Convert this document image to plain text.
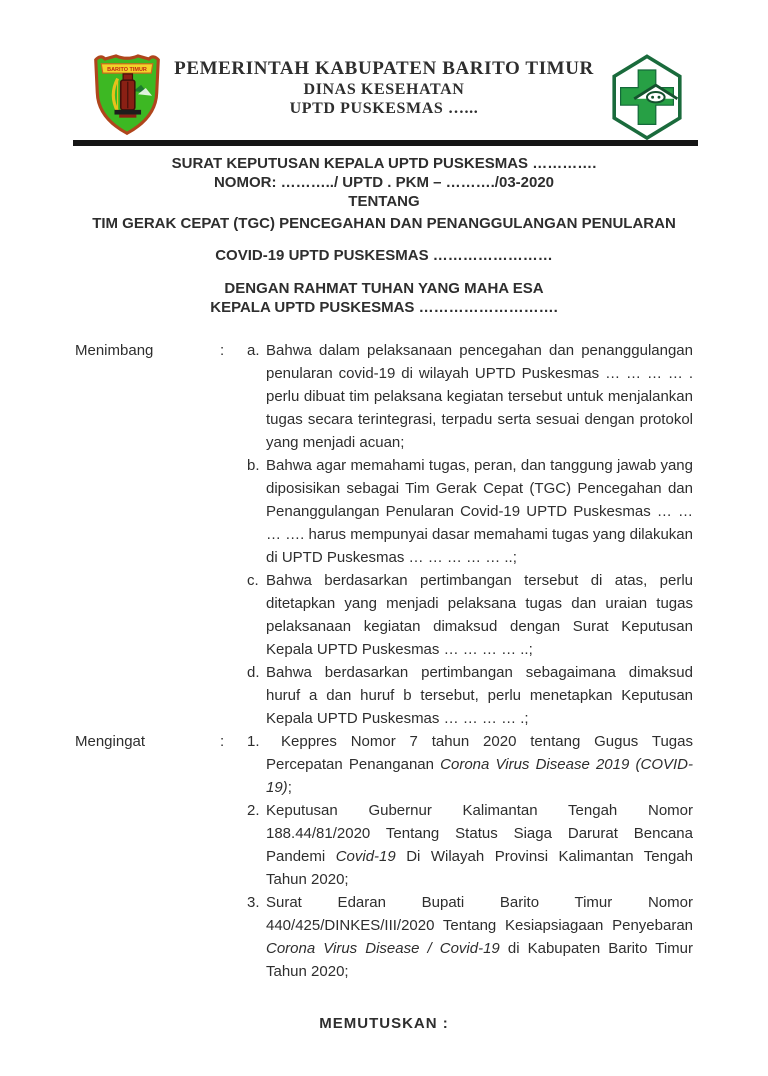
BARITO TIMUR	PEMERINTAH KABUPATEN BARITO TIMUR
DINAS KESEHATAN
UPTD PUSKESMAS …...
SURAT KEPUTUSAN KEPALA UPTD PUSKESMAS ………….
NOMOR: ………../ UPTD . PKM – ………./03-2020
TENTANG
TIM GERAK CEPAT (TGC) PENCEGAHAN DAN PENANGGULANGAN PENULARAN
COVID-19 UPTD PUSKESMAS ……………………
DENGAN RAHMAT TUHAN YANG MAHA ESA
KEPALA UPTD PUSKESMAS ……………………….
Menimbang	:	a. Bahwa dalam pelaksanaan pencegahan dan penanggulangan penularan covid-19 di wilayah UPTD Puskesmas … … … … . perlu dibuat tim pelaksana kegiatan tersebut untuk menjalankan tugas secara terintegrasi, terpadu serta sesuai dengan protokol yang menjadi acuan;
b. Bahwa agar memahami tugas, peran, dan tanggung jawab yang diposisikan sebagai Tim Gerak Cepat (TGC) Pencegahan dan Penanggulangan Penularan Covid-19 UPTD Puskesmas … … … …. harus mempunyai dasar memahami tugas yang dilakukan di UPTD Puskesmas … … … … … ..;
c. Bahwa berdasarkan pertimbangan tersebut di atas, perlu ditetapkan yang menjadi pelaksana tugas dan uraian tugas pelaksanaan kegiatan dimaksud dengan Surat Keputusan Kepala UPTD Puskesmas … … … … ..;
d. Bahwa berdasarkan pertimbangan sebagaimana dimaksud huruf a dan huruf b tersebut, perlu menetapkan Keputusan Kepala UPTD Puskesmas … … … … .;
Mengingat	:	1.	Keppres Nomor 7 tahun 2020 tentang Gugus Tugas Percepatan Penanganan Corona Virus Disease 2019 (COVID-19);
2. Keputusan Gubernur Kalimantan Tengah Nomor 188.44/81/2020 Tentang Status Siaga Darurat Bencana Pandemi Covid-19 Di Wilayah Provinsi Kalimantan Tengah Tahun 2020;
3. Surat Edaran Bupati Barito Timur Nomor 440/425/DINKES/III/2020 Tentang Kesiapsiagaan Penyebaran Corona Virus Disease / Covid-19 di Kabupaten Barito Timur Tahun 2020;
MEMUTUSKAN :
